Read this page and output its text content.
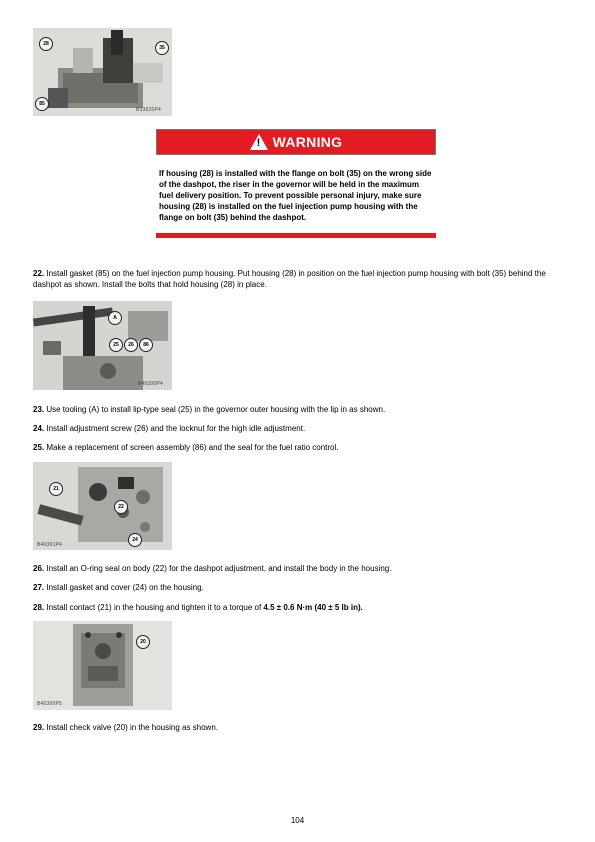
28
35
85
B33620P4
! WARNING
If housing (28) is installed with the flange on bolt (35) on the wrong side of the dashpot, the riser in the governor will be held in the maximum fuel delivery position. To prevent possible personal injury, make sure housing (28) is installed on the fuel injection pump housing with the flange on bolt (35) behind the dashpot.
22. Install gasket (85) on the fuel injection pump housing. Put housing (28) in position on the fuel injection pump housing with bolt (35) behind the dashpot as shown. Install the bolts that hold housing (28) in place.
A
25	26	86
B40300P4
23. Use tooling (A) to install lip-type seal (25) in the governor outer housing with the lip in as shown.
24. Install adjustment screw (26) and the locknut for the high idle adjustment.
25. Make a replacement of screen assembly (86) and the seal for the fuel ratio control.
21
22
24
B40301P4
26. Install an O-ring seal on body (22) for the dashpot adjustment, and install the body in the housing.
27. Install gasket and cover (24) on the housing.
28. Install contact (21) in the housing and tighten it to a torque of 4.5 ± 0.6 N·m (40 ± 5 lb in).
20
B40300P5
29. Install check valve (20) in the housing as shown.
104
